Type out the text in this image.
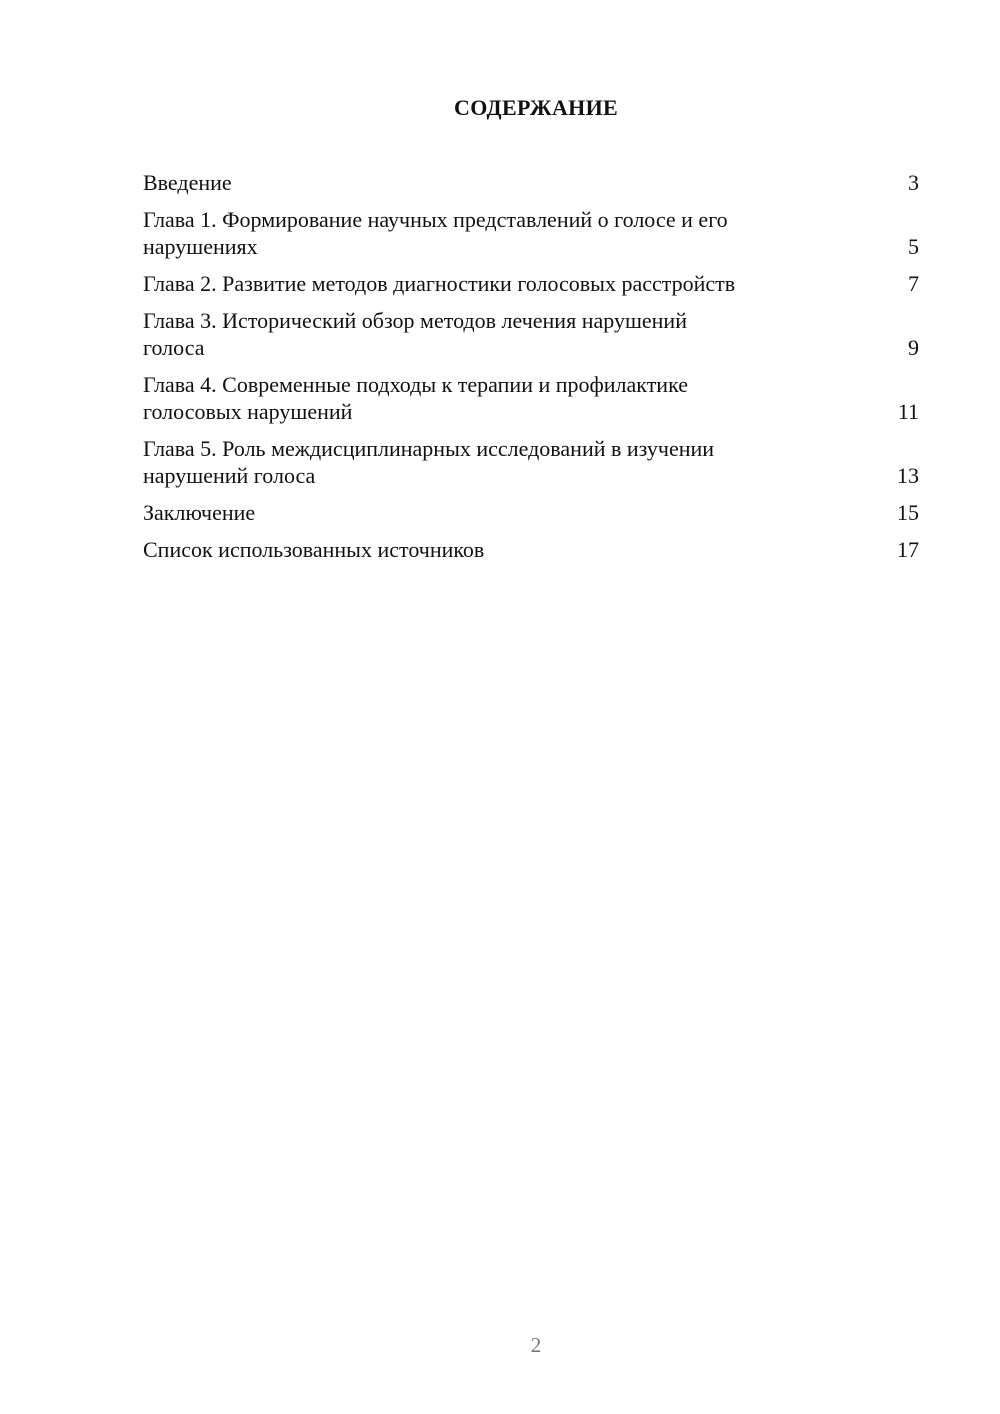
СОДЕРЖАНИЕ
Введение	3
Глава 1. Формирование научных представлений о голосе и его
нарушениях	5
Глава 2. Развитие методов диагностики голосовых расстройств	7
Глава 3. Исторический обзор методов лечения нарушений
голоса	9
Глава 4. Современные подходы к терапии и профилактике
голосовых нарушений	11
Глава 5. Роль междисциплинарных исследований в изучении
нарушений голоса	13
Заключение	15
Список использованных источников	17
2
